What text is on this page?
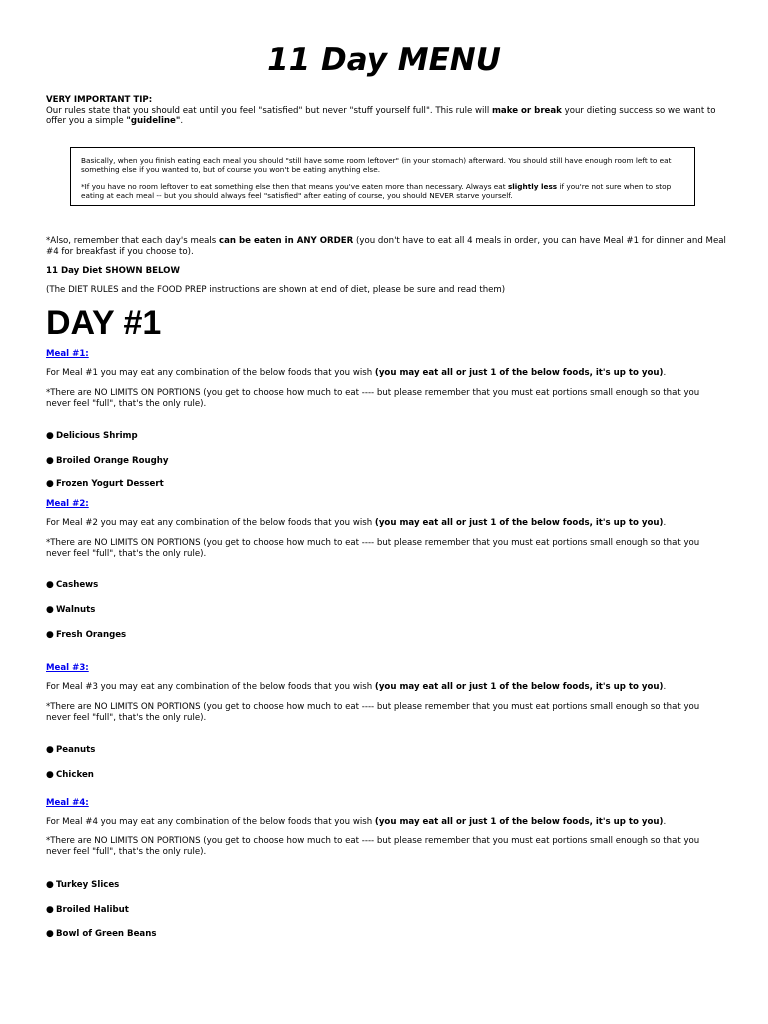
11 Day MENU
VERY IMPORTANT TIP:
Our rules state that you should eat until you feel "satisfied" but never "stuff yourself full". This rule will make or break your dieting success so we want to offer you a simple "guideline".

Basically, when you finish eating each meal you should "still have some room leftover" (in your stomach) afterward. You should still have enough room left to eat something else if you wanted to, but of course you won't be eating anything else.

*If you have no room leftover to eat something else then that means you've eaten more than necessary. Always eat slightly less if you're not sure when to stop eating at each meal -- but you should always feel "satisfied" after eating of course, you should NEVER starve yourself.

*Also, remember that each day's meals can be eaten in ANY ORDER (you don't have to eat all 4 meals in order, you can have Meal #1 for dinner and Meal #4 for breakfast if you choose to).
11 Day Diet SHOWN BELOW
(The DIET RULES and the FOOD PREP instructions are shown at end of diet, please be sure and read them)
DAY #1
Meal #1:
For Meal #1 you may eat any combination of the below foods that you wish (you may eat all or just 1 of the below foods, it's up to you).
*There are NO LIMITS ON PORTIONS (you get to choose how much to eat ---- but please remember that you must eat portions small enough so that you never feel "full", that's the only rule).
● Delicious Shrimp
● Broiled Orange Roughy
● Frozen Yogurt Dessert
Meal #2:
For Meal #2 you may eat any combination of the below foods that you wish (you may eat all or just 1 of the below foods, it's up to you).
*There are NO LIMITS ON PORTIONS (you get to choose how much to eat ---- but please remember that you must eat portions small enough so that you never feel "full", that's the only rule).
● Cashews
● Walnuts
● Fresh Oranges
Meal #3:
For Meal #3 you may eat any combination of the below foods that you wish (you may eat all or just 1 of the below foods, it's up to you).
*There are NO LIMITS ON PORTIONS (you get to choose how much to eat ---- but please remember that you must eat portions small enough so that you never feel "full", that's the only rule).
● Peanuts
● Chicken
Meal #4:
For Meal #4 you may eat any combination of the below foods that you wish (you may eat all or just 1 of the below foods, it's up to you).
*There are NO LIMITS ON PORTIONS (you get to choose how much to eat ---- but please remember that you must eat portions small enough so that you never feel "full", that's the only rule).
● Turkey Slices
● Broiled Halibut
● Bowl of Green Beans
